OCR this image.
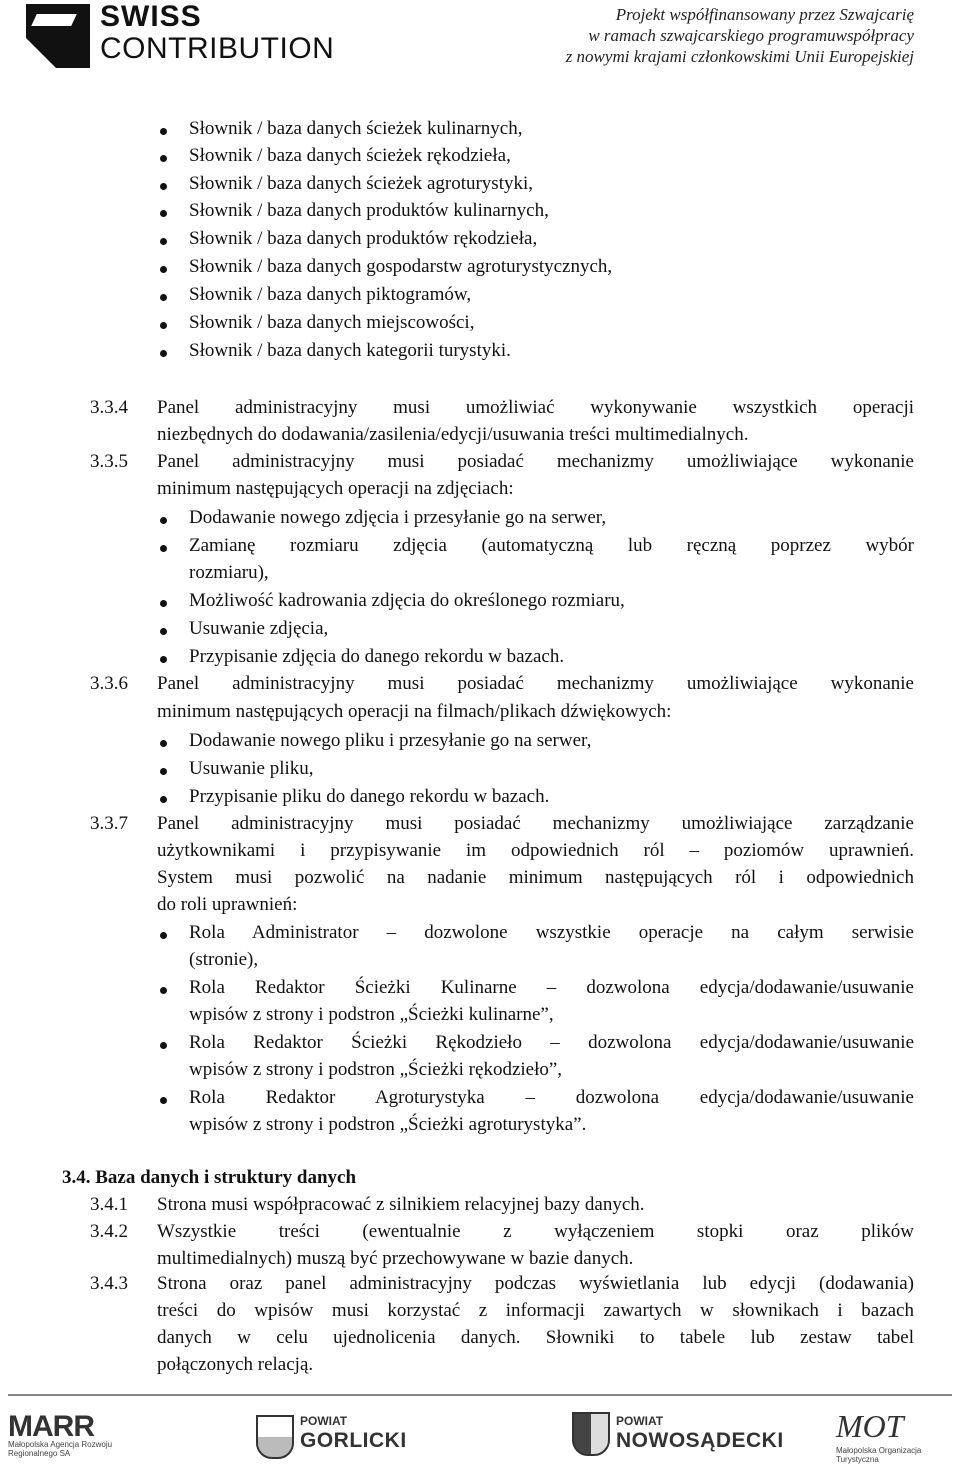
SWISS
CONTRIBUTION
Projekt współfinansowany przez Szwajcarię
w ramach szwajcarskiego programuwspółpracy
z nowymi krajami członkowskimi Unii Europejskiej
Słownik / baza danych ścieżek kulinarnych,
Słownik / baza danych ścieżek rękodzieła,
Słownik / baza danych ścieżek agroturystyki,
Słownik / baza danych produktów kulinarnych,
Słownik / baza danych produktów rękodzieła,
Słownik / baza danych gospodarstw agroturystycznych,
Słownik / baza danych piktogramów,
Słownik / baza danych miejscowości,
Słownik / baza danych kategorii turystyki.
3.3.4 Panel administracyjny musi umożliwiać wykonywanie wszystkich operacji
niezbędnych do dodawania/zasilenia/edycji/usuwania treści multimedialnych.
3.3.5 Panel administracyjny musi posiadać mechanizmy umożliwiające wykonanie
minimum następujących operacji na zdjęciach:
Dodawanie nowego zdjęcia i przesyłanie go na serwer,
Zamianę rozmiaru zdjęcia (automatyczną lub ręczną poprzez wybór
rozmiaru),
Możliwość kadrowania zdjęcia do określonego rozmiaru,
Usuwanie zdjęcia,
Przypisanie zdjęcia do danego rekordu w bazach.
3.3.6 Panel administracyjny musi posiadać mechanizmy umożliwiające wykonanie
minimum następujących operacji na filmach/plikach dźwiękowych:
Dodawanie nowego pliku i przesyłanie go na serwer,
Usuwanie pliku,
Przypisanie pliku do danego rekordu w bazach.
3.3.7 Panel administracyjny musi posiadać mechanizmy umożliwiające zarządzanie
użytkownikami i przypisywanie im odpowiednich ról – poziomów uprawnień.
System musi pozwolić na nadanie minimum następujących ról i odpowiednich
do roli uprawnień:
Rola Administrator – dozwolone wszystkie operacje na całym serwisie
(stronie),
Rola Redaktor Ścieżki Kulinarne – dozwolona edycja/dodawanie/usuwanie
wpisów z strony i podstron „Ścieżki kulinarne”,
Rola Redaktor Ścieżki Rękodzieło – dozwolona edycja/dodawanie/usuwanie
wpisów z strony i podstron „Ścieżki rękodzieło”,
Rola Redaktor Agroturystyka – dozwolona edycja/dodawanie/usuwanie
wpisów z strony i podstron „Ścieżki agroturystyka”.
3.4. Baza danych i struktury danych
3.4.1 Strona musi współpracować z silnikiem relacyjnej bazy danych.
3.4.2 Wszystkie treści (ewentualnie z wyłączeniem stopki oraz plików
multimedialnych) muszą być przechowywane w bazie danych.
3.4.3 Strona oraz panel administracyjny podczas wyświetlania lub edycji (dodawania)
treści do wpisów musi korzystać z informacji zawartych w słownikach i bazach
danych w celu ujednolicenia danych. Słowniki to tabele lub zestaw tabel
połączonych relacją.
MARR
Małopolska Agencja Rozwoju Regionalnego SA
POWIAT
GORLICKI
POWIAT
NOWOSĄDECKI MOT
Małopolska Organizacja Turystyczna
